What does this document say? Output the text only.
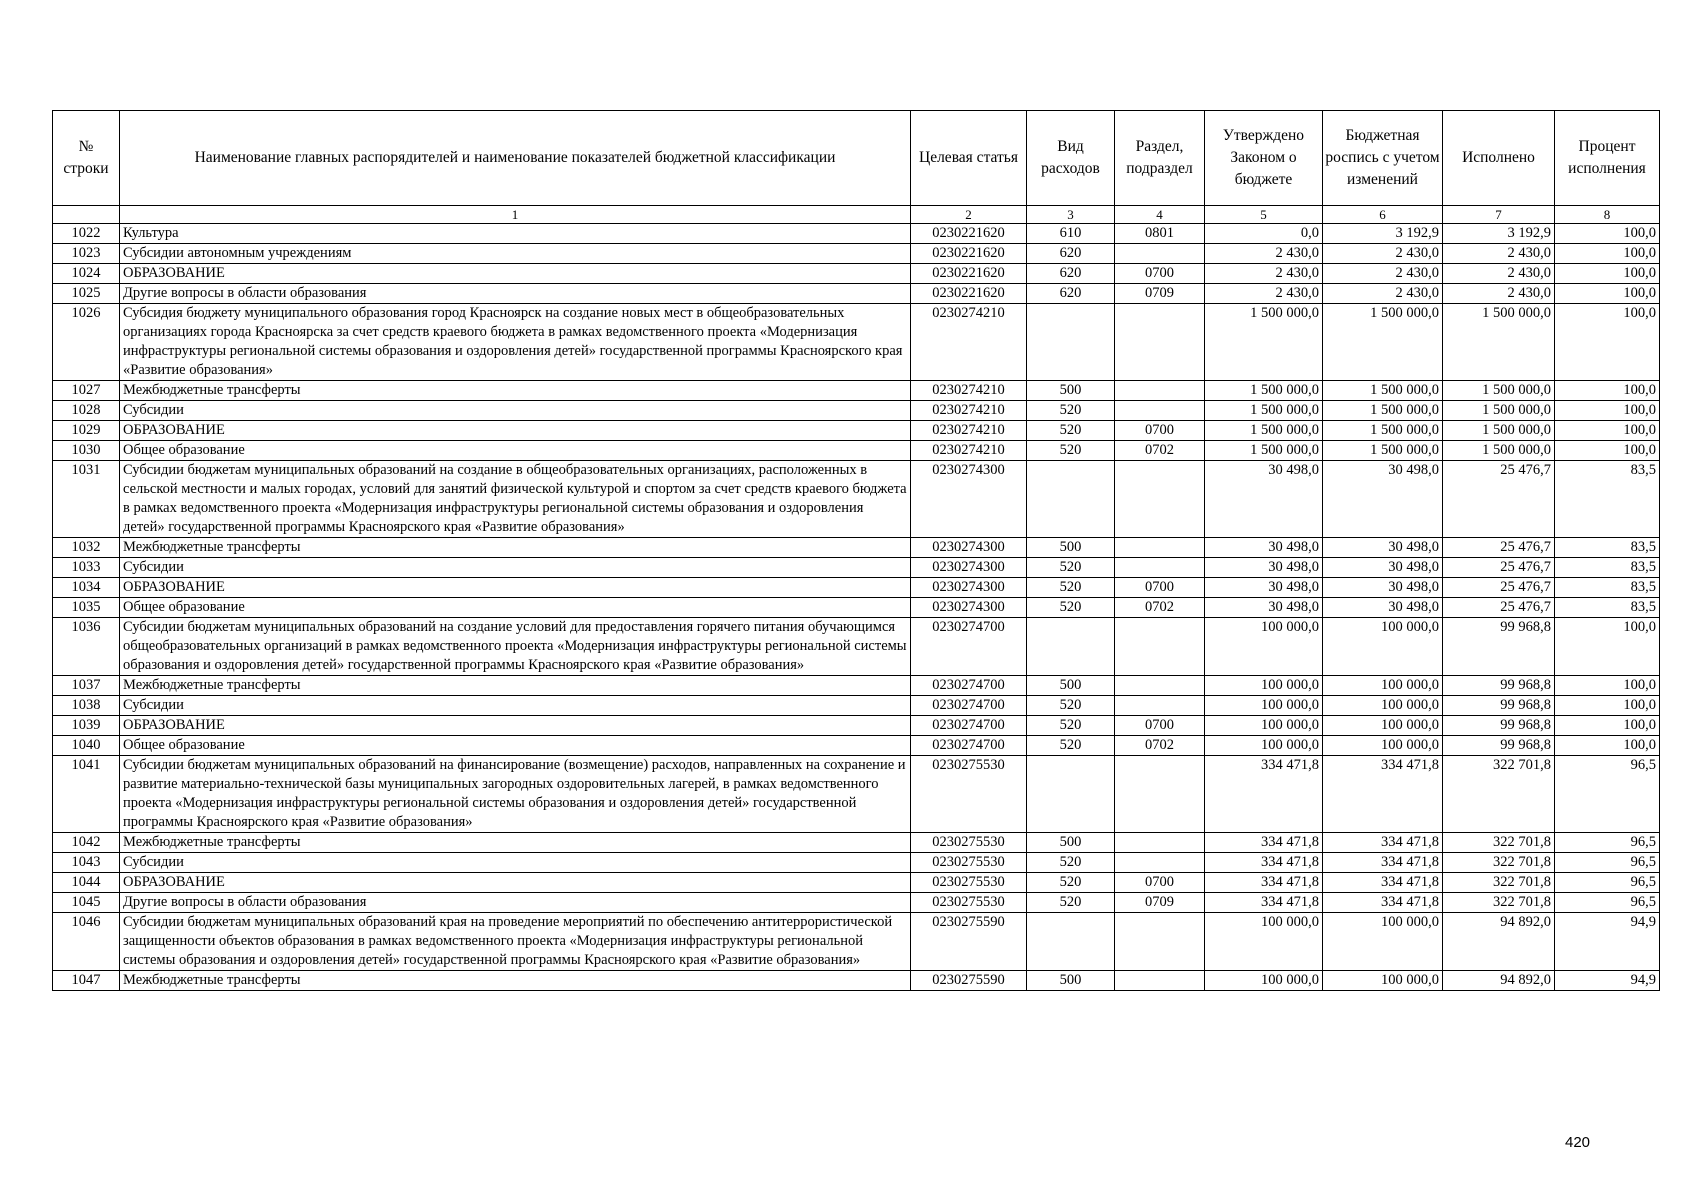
№ строки	Наименование главных распорядителей и наименование показателей бюджетной классификации	Целевая статья	Вид расходов	Раздел, подраздел	Утверждено Законом о бюджете	Бюджетная роспись с учетом изменений	Исполнено	Процент исполнения
	1	2	3	4	5	6	7	8
1022	Культура	0230221620	610	0801	0,0	3 192,9	3 192,9	100,0
1023	Субсидии автономным учреждениям	0230221620	620		2 430,0	2 430,0	2 430,0	100,0
1024	ОБРАЗОВАНИЕ	0230221620	620	0700	2 430,0	2 430,0	2 430,0	100,0
1025	Другие вопросы в области образования	0230221620	620	0709	2 430,0	2 430,0	2 430,0	100,0
1026	Субсидия бюджету муниципального образования город Красноярск на создание новых мест в общеобразовательных организациях города Красноярска за счет средств краевого бюджета в рамках ведомственного проекта «Модернизация инфраструктуры региональной системы образования и оздоровления детей» государственной программы Красноярского края «Развитие образования»	0230274210			1 500 000,0	1 500 000,0	1 500 000,0	100,0
1027	Межбюджетные трансферты	0230274210	500		1 500 000,0	1 500 000,0	1 500 000,0	100,0
1028	Субсидии	0230274210	520		1 500 000,0	1 500 000,0	1 500 000,0	100,0
1029	ОБРАЗОВАНИЕ	0230274210	520	0700	1 500 000,0	1 500 000,0	1 500 000,0	100,0
1030	Общее образование	0230274210	520	0702	1 500 000,0	1 500 000,0	1 500 000,0	100,0
1031	Субсидии бюджетам муниципальных образований на создание в общеобразовательных организациях, расположенных в сельской местности и малых городах, условий для занятий физической культурой и спортом за счет средств краевого бюджета в рамках ведомственного проекта «Модернизация инфраструктуры региональной системы образования и оздоровления детей» государственной программы Красноярского края «Развитие образования»	0230274300			30 498,0	30 498,0	25 476,7	83,5
1032	Межбюджетные трансферты	0230274300	500		30 498,0	30 498,0	25 476,7	83,5
1033	Субсидии	0230274300	520		30 498,0	30 498,0	25 476,7	83,5
1034	ОБРАЗОВАНИЕ	0230274300	520	0700	30 498,0	30 498,0	25 476,7	83,5
1035	Общее образование	0230274300	520	0702	30 498,0	30 498,0	25 476,7	83,5
1036	Субсидии бюджетам муниципальных образований на создание условий для предоставления горячего питания обучающимся общеобразовательных организаций в рамках ведомственного проекта «Модернизация инфраструктуры региональной системы образования и оздоровления детей» государственной программы Красноярского края «Развитие образования»	0230274700			100 000,0	100 000,0	99 968,8	100,0
1037	Межбюджетные трансферты	0230274700	500		100 000,0	100 000,0	99 968,8	100,0
1038	Субсидии	0230274700	520		100 000,0	100 000,0	99 968,8	100,0
1039	ОБРАЗОВАНИЕ	0230274700	520	0700	100 000,0	100 000,0	99 968,8	100,0
1040	Общее образование	0230274700	520	0702	100 000,0	100 000,0	99 968,8	100,0
1041	Субсидии бюджетам муниципальных образований на финансирование (возмещение) расходов, направленных на сохранение и развитие материально-технической базы муниципальных загородных оздоровительных лагерей, в рамках ведомственного проекта «Модернизация инфраструктуры региональной системы образования и оздоровления детей» государственной программы Красноярского края «Развитие образования»	0230275530			334 471,8	334 471,8	322 701,8	96,5
1042	Межбюджетные трансферты	0230275530	500		334 471,8	334 471,8	322 701,8	96,5
1043	Субсидии	0230275530	520		334 471,8	334 471,8	322 701,8	96,5
1044	ОБРАЗОВАНИЕ	0230275530	520	0700	334 471,8	334 471,8	322 701,8	96,5
1045	Другие вопросы в области образования	0230275530	520	0709	334 471,8	334 471,8	322 701,8	96,5
1046	Субсидии бюджетам муниципальных образований края на проведение мероприятий по обеспечению антитеррористической защищенности объектов образования в рамках ведомственного проекта «Модернизация инфраструктуры региональной системы образования и оздоровления детей» государственной программы Красноярского края «Развитие образования»	0230275590			100 000,0	100 000,0	94 892,0	94,9
1047	Межбюджетные трансферты	0230275590	500		100 000,0	100 000,0	94 892,0	94,9
420
